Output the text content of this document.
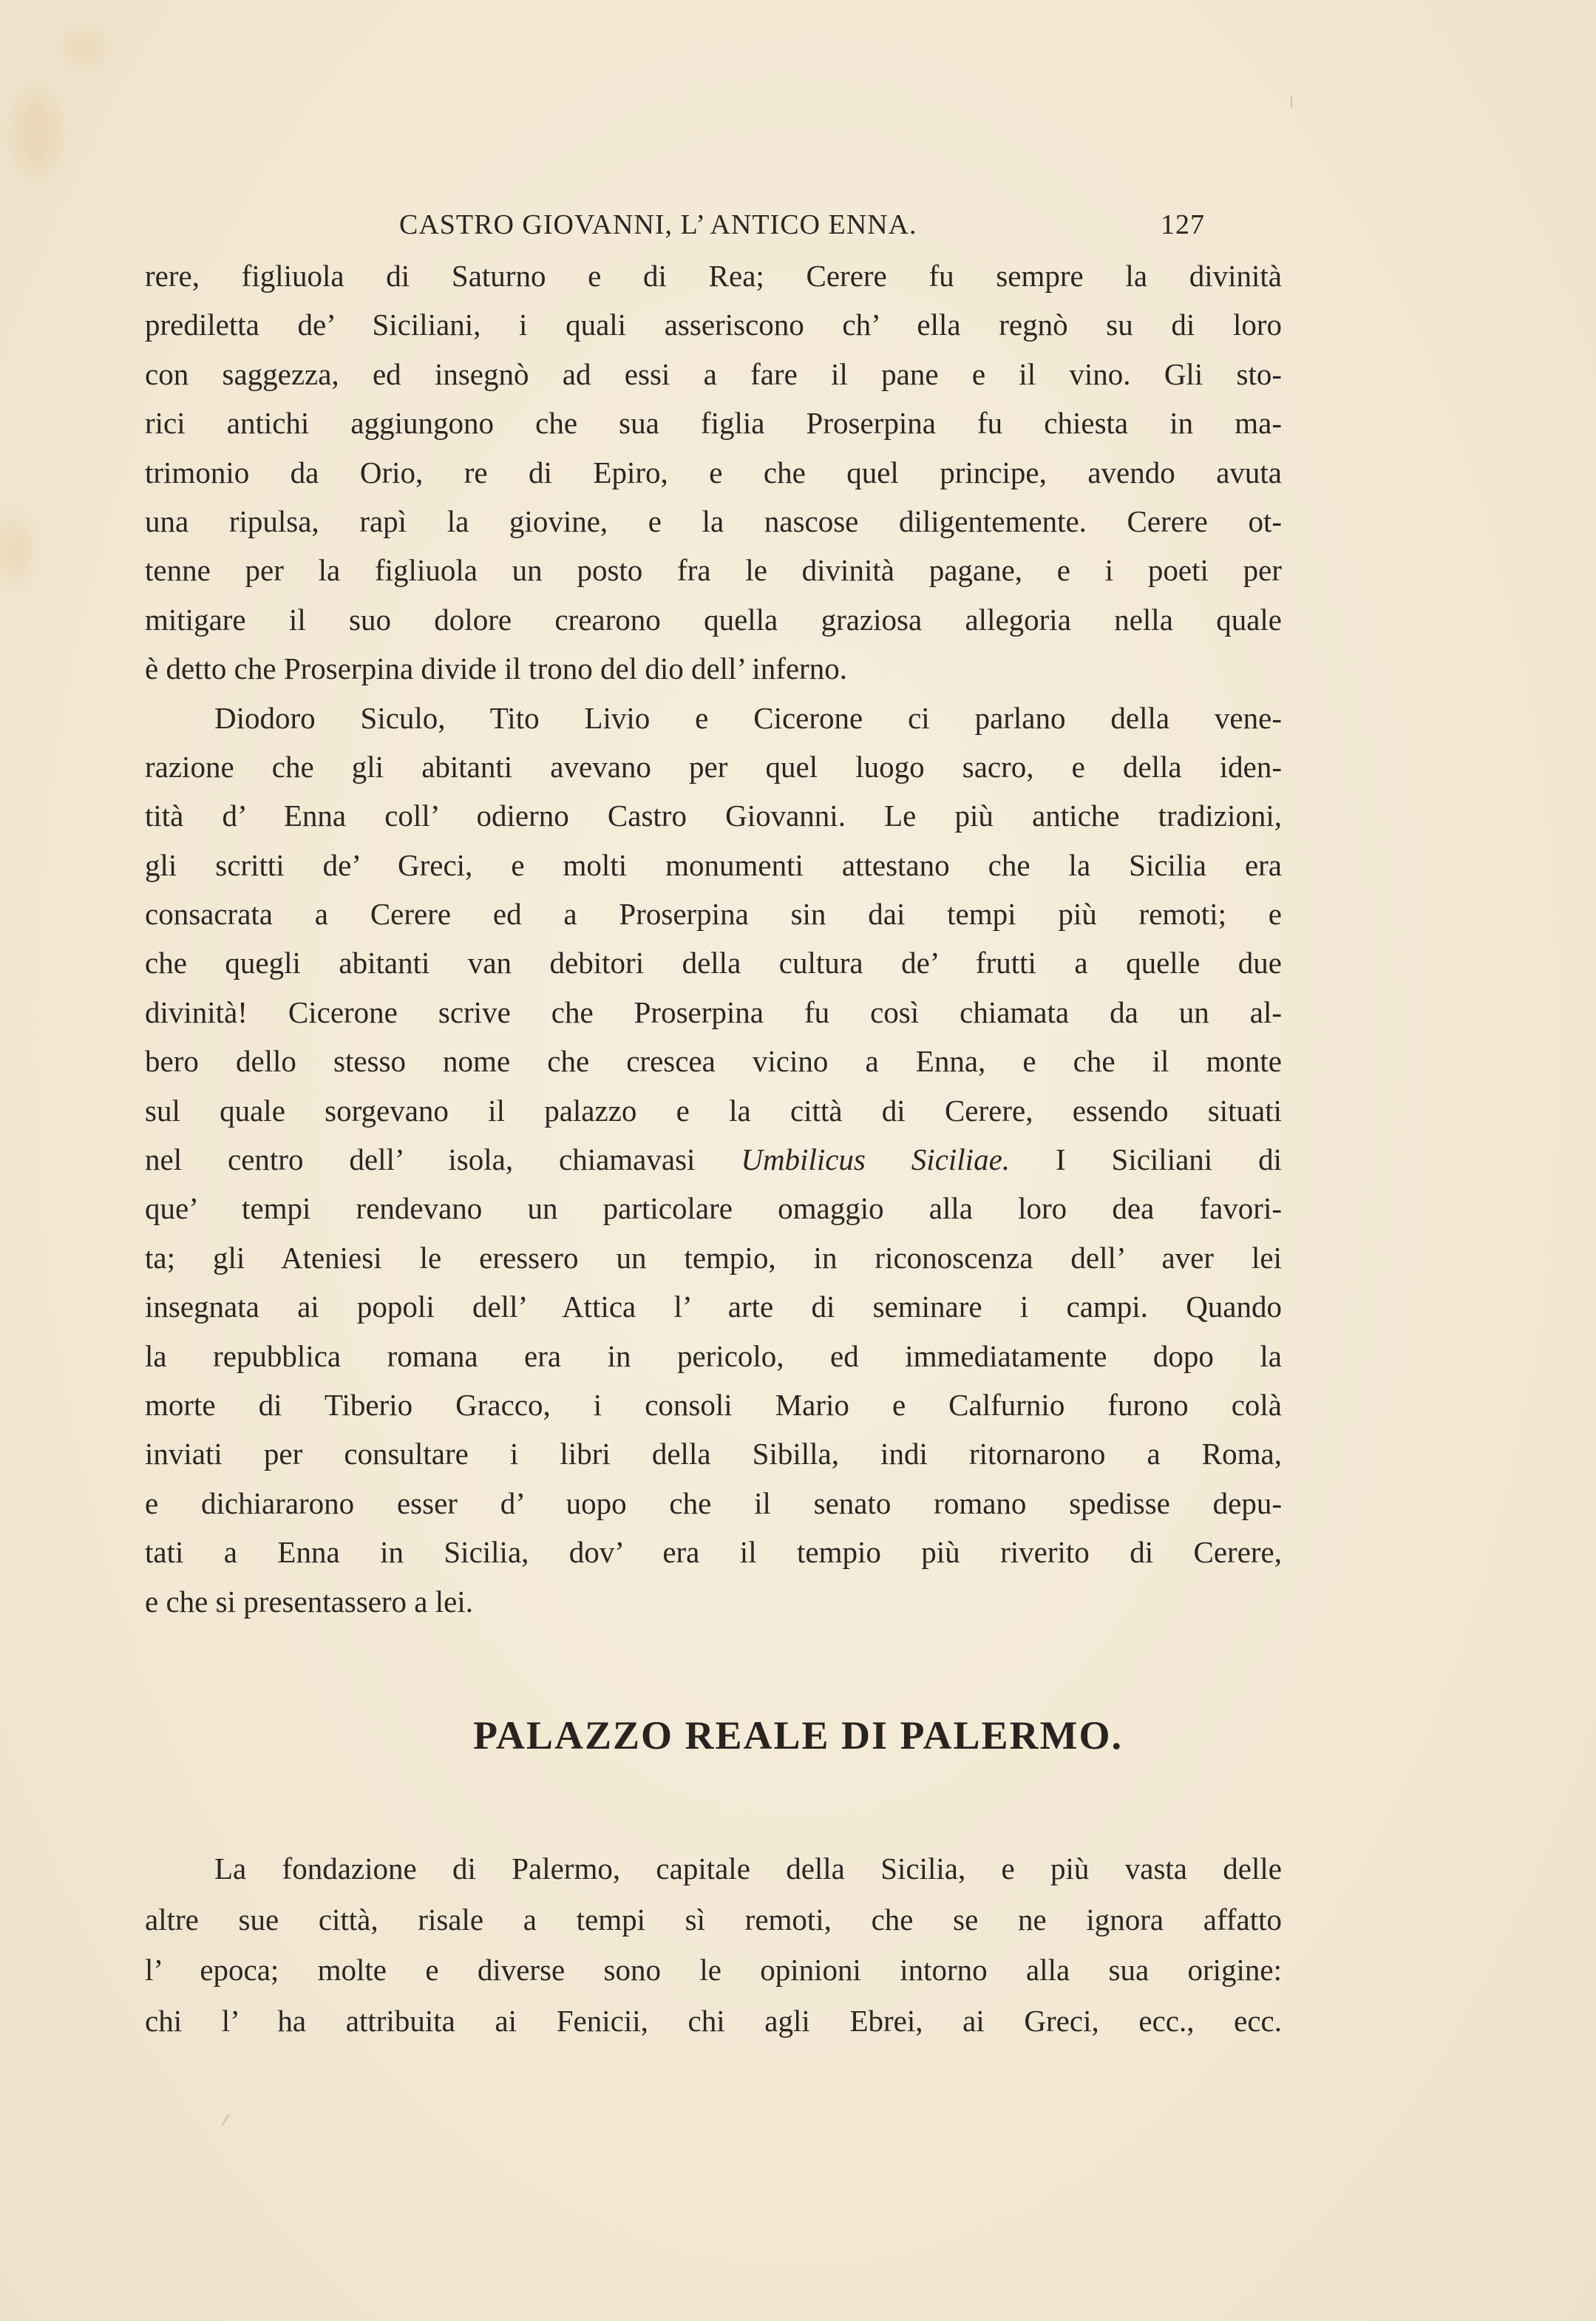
CASTRO GIOVANNI, L’ ANTICO ENNA.	127
rere, figliuola di Saturno e di Rea; Cerere fu sempre la divinità
prediletta de’ Siciliani, i quali asseriscono ch’ ella regnò su di loro
con saggezza, ed insegnò ad essi a fare il pane e il vino. Gli sto-
rici antichi aggiungono che sua figlia Proserpina fu chiesta in ma-
trimonio da Orio, re di Epiro, e che quel principe, avendo avuta
una ripulsa, rapì la giovine, e la nascose diligentemente. Cerere ot-
tenne per la figliuola un posto fra le divinità pagane, e i poeti per
mitigare il suo dolore crearono quella graziosa allegoria nella quale
è detto che Proserpina divide il trono del dio dell’ inferno.
Diodoro Siculo, Tito Livio e Cicerone ci parlano della vene-
razione che gli abitanti avevano per quel luogo sacro, e della iden-
tità d’ Enna coll’ odierno Castro Giovanni. Le più antiche tradizioni,
gli scritti de’ Greci, e molti monumenti attestano che la Sicilia era
consacrata a Cerere ed a Proserpina sin dai tempi più remoti; e
che quegli abitanti van debitori della cultura de’ frutti a quelle due
divinità! Cicerone scrive che Proserpina fu così chiamata da un al-
bero dello stesso nome che crescea vicino a Enna, e che il monte
sul quale sorgevano il palazzo e la città di Cerere, essendo situati
nel centro dell’ isola, chiamavasi Umbilicus Siciliae. I Siciliani di
que’ tempi rendevano un particolare omaggio alla loro dea favori-
ta; gli Ateniesi le eressero un tempio, in riconoscenza dell’ aver lei
insegnata ai popoli dell’ Attica l’ arte di seminare i campi. Quando
la repubblica romana era in pericolo, ed immediatamente dopo la
morte di Tiberio Gracco, i consoli Mario e Calfurnio furono colà
inviati per consultare i libri della Sibilla, indi ritornarono a Roma,
e dichiararono esser d’ uopo che il senato romano spedisse depu-
tati a Enna in Sicilia, dov’ era il tempio più riverito di Cerere,
e che si presentassero a lei.
PALAZZO REALE DI PALERMO.
La fondazione di Palermo, capitale della Sicilia, e più vasta delle
altre sue città, risale a tempi sì remoti, che se ne ignora affatto
l’ epoca; molte e diverse sono le opinioni intorno alla sua origine:
chi l’ ha attribuita ai Fenicii, chi agli Ebrei, ai Greci, ecc., ecc.
